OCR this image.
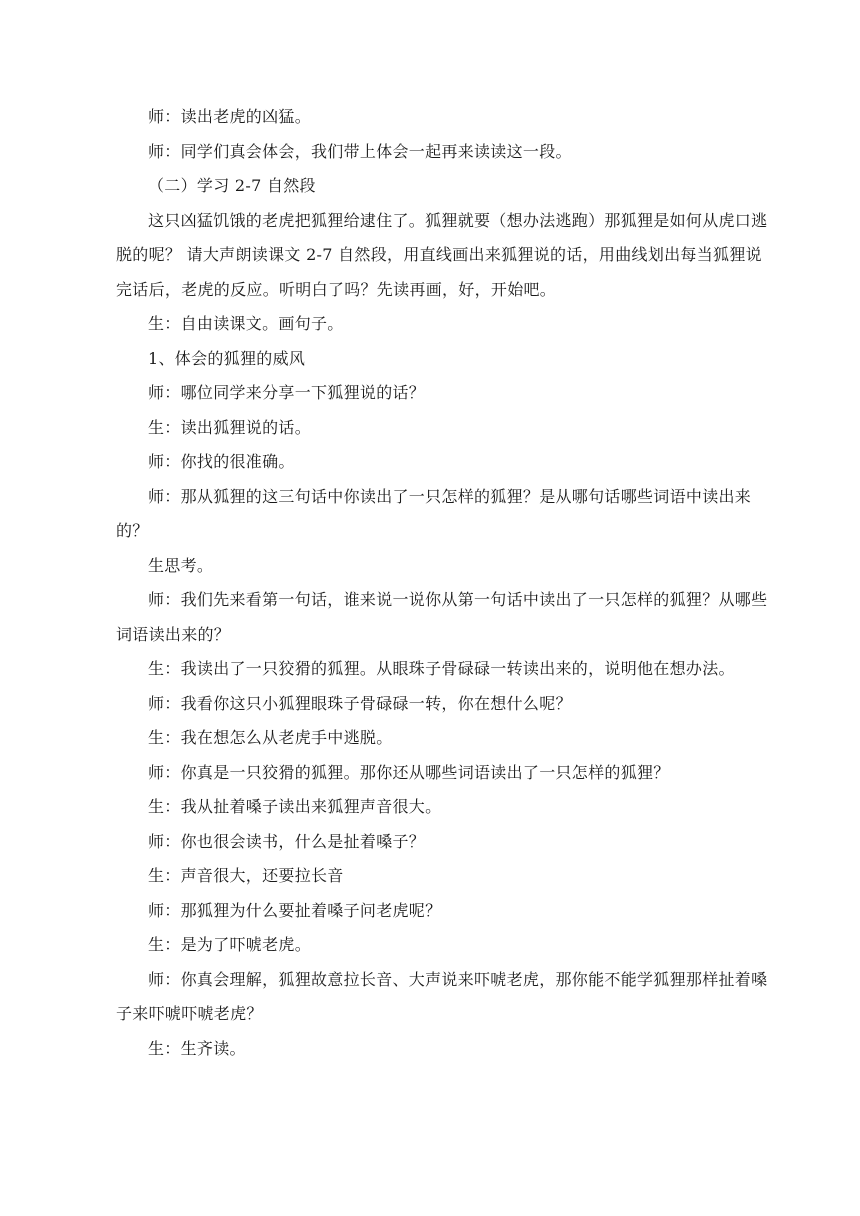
师：读出老虎的凶猛。

师：同学们真会体会，我们带上体会一起再来读读这一段。

（二）学习 2-7 自然段

这只凶猛饥饿的老虎把狐狸给逮住了。狐狸就要（想办法逃跑）那狐狸是如何从虎口逃脱的呢？ 请大声朗读课文 2-7 自然段，用直线画出来狐狸说的话，用曲线划出每当狐狸说完话后，老虎的反应。听明白了吗？先读再画，好，开始吧。

生：自由读课文。画句子。

1、体会的狐狸的威风

师：哪位同学来分享一下狐狸说的话？

生：读出狐狸说的话。

师：你找的很准确。

师：那从狐狸的这三句话中你读出了一只怎样的狐狸？是从哪句话哪些词语中读出来的？

生思考。

师：我们先来看第一句话，谁来说一说你从第一句话中读出了一只怎样的狐狸？从哪些词语读出来的？

生：我读出了一只狡猾的狐狸。从眼珠子骨碌碌一转读出来的，说明他在想办法。

师：我看你这只小狐狸眼珠子骨碌碌一转，你在想什么呢？

生：我在想怎么从老虎手中逃脱。

师：你真是一只狡猾的狐狸。那你还从哪些词语读出了一只怎样的狐狸？

生：我从扯着嗓子读出来狐狸声音很大。

师：你也很会读书，什么是扯着嗓子？

生：声音很大，还要拉长音

师：那狐狸为什么要扯着嗓子问老虎呢？

生：是为了吓唬老虎。

师：你真会理解，狐狸故意拉长音、大声说来吓唬老虎，那你能不能学狐狸那样扯着嗓子来吓唬吓唬老虎？

生：生齐读。
